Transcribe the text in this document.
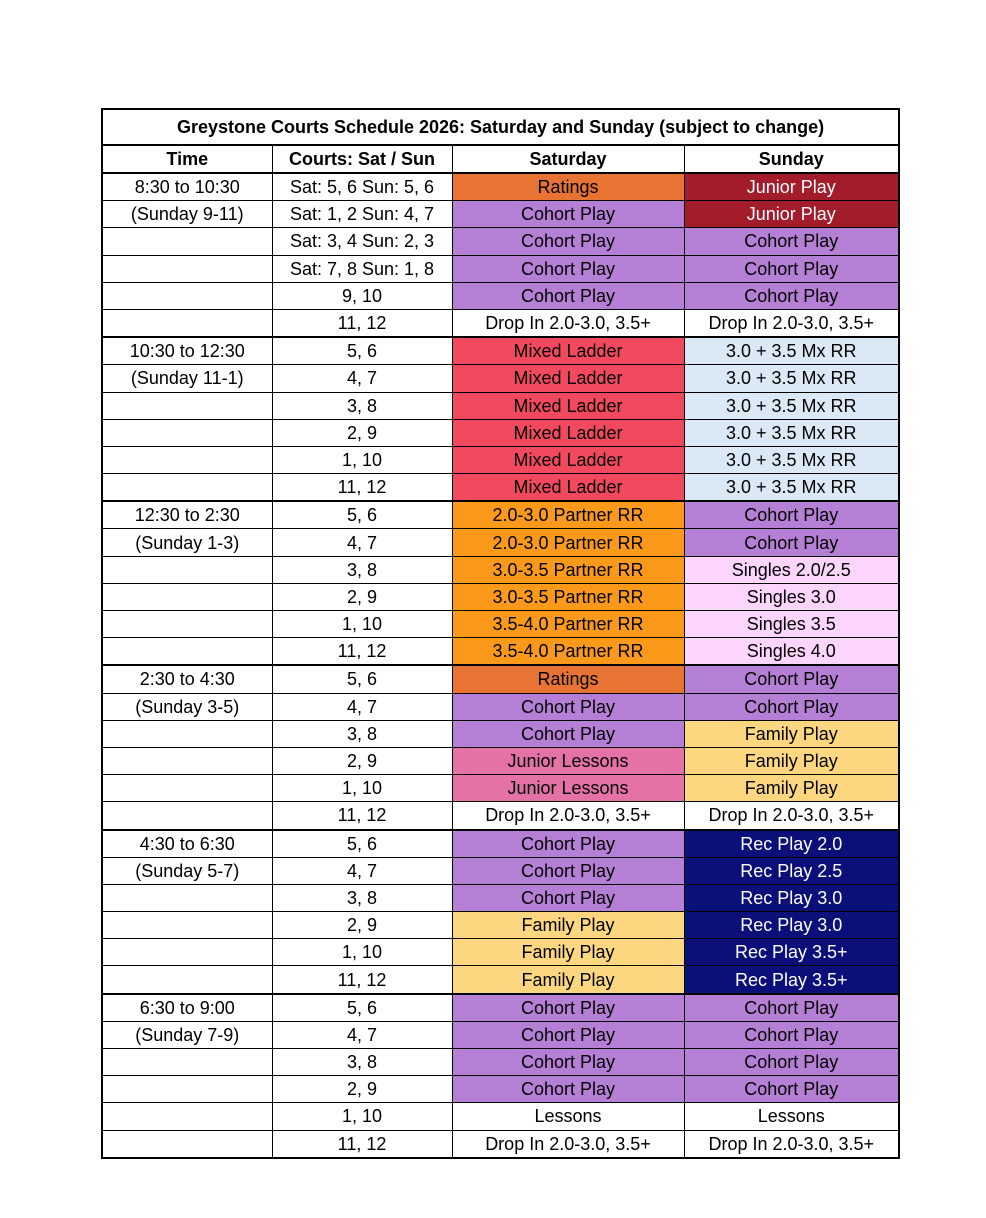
Greystone Courts Schedule 2026: Saturday and Sunday (subject to change)			
Time	Courts: Sat / Sun	Saturday	Sunday
8:30 to 10:30	Sat: 5, 6 Sun: 5, 6	Ratings	Junior Play
(Sunday 9-11)	Sat: 1, 2 Sun: 4, 7	Cohort Play	Junior Play
	Sat: 3, 4 Sun: 2, 3	Cohort Play	Cohort Play
	Sat: 7, 8 Sun: 1, 8	Cohort Play	Cohort Play
	9, 10	Cohort Play	Cohort Play
	11, 12	Drop In 2.0-3.0, 3.5+	Drop In 2.0-3.0, 3.5+
10:30 to 12:30	5, 6	Mixed Ladder	3.0 + 3.5 Mx RR
(Sunday 11-1)	4, 7	Mixed Ladder	3.0 + 3.5 Mx RR
	3, 8	Mixed Ladder	3.0 + 3.5 Mx RR
	2, 9	Mixed Ladder	3.0 + 3.5 Mx RR
	1, 10	Mixed Ladder	3.0 + 3.5 Mx RR
	11, 12	Mixed Ladder	3.0 + 3.5 Mx RR
12:30 to 2:30	5, 6	2.0-3.0 Partner RR	Cohort Play
(Sunday 1-3)	4, 7	2.0-3.0 Partner RR	Cohort Play
	3, 8	3.0-3.5 Partner RR	Singles 2.0/2.5
	2, 9	3.0-3.5 Partner RR	Singles 3.0
	1, 10	3.5-4.0 Partner RR	Singles 3.5
	11, 12	3.5-4.0 Partner RR	Singles 4.0
2:30 to 4:30	5, 6	Ratings	Cohort Play
(Sunday 3-5)	4, 7	Cohort Play	Cohort Play
	3, 8	Cohort Play	Family Play
	2, 9	Junior Lessons	Family Play
	1, 10	Junior Lessons	Family Play
	11, 12	Drop In 2.0-3.0, 3.5+	Drop In 2.0-3.0, 3.5+
4:30 to 6:30	5, 6	Cohort Play	Rec Play 2.0
(Sunday 5-7)	4, 7	Cohort Play	Rec Play 2.5
	3, 8	Cohort Play	Rec Play 3.0
	2, 9	Family Play	Rec Play 3.0
	1, 10	Family Play	Rec Play 3.5+
	11, 12	Family Play	Rec Play 3.5+
6:30 to 9:00	5, 6	Cohort Play	Cohort Play
(Sunday 7-9)	4, 7	Cohort Play	Cohort Play
	3, 8	Cohort Play	Cohort Play
	2, 9	Cohort Play	Cohort Play
	1, 10	Lessons	Lessons
	11, 12	Drop In 2.0-3.0, 3.5+	Drop In 2.0-3.0, 3.5+
